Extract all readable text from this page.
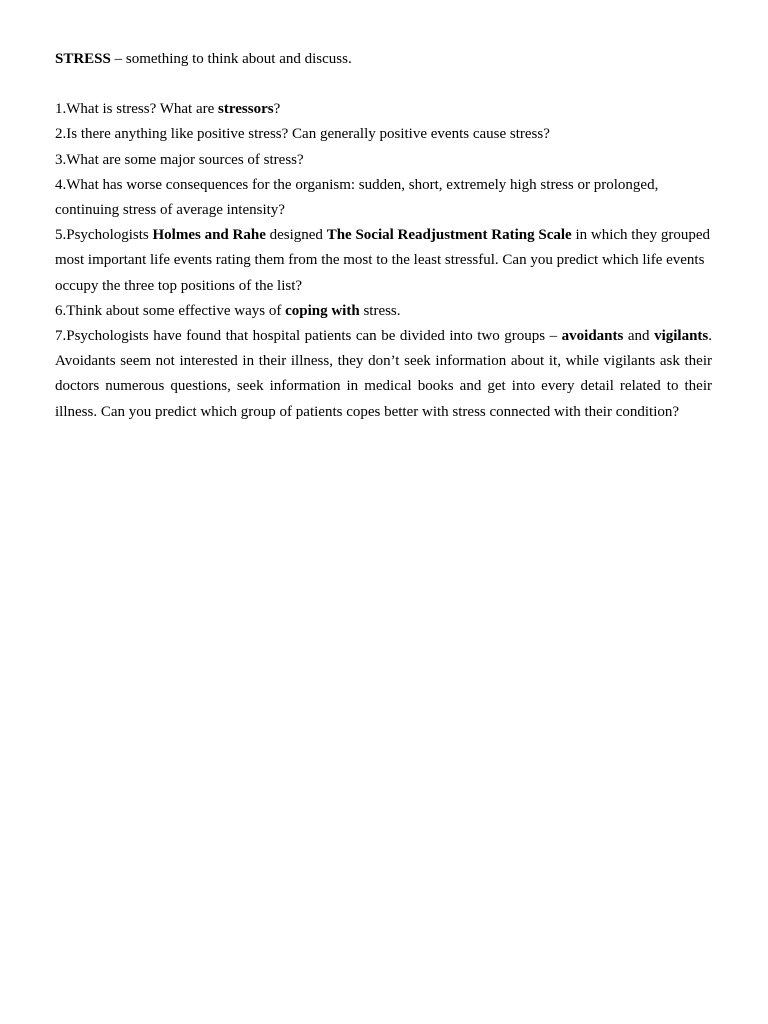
STRESS – something to think about and discuss.

1.What is stress? What are stressors?

2.Is there anything like positive stress? Can generally positive events cause stress?

3.What are some major sources of stress?

4.What has worse consequences for the organism: sudden, short, extremely high stress or prolonged, continuing stress of average intensity?

5.Psychologists Holmes and Rahe designed The Social Readjustment Rating Scale in which they grouped most important life events rating them from the most to the least stressful. Can you predict which life events occupy the three top positions of the list?

6.Think about some effective ways of coping with stress.

7.Psychologists have found that hospital patients can be divided into two groups – avoidants and vigilants. Avoidants seem not interested in their illness, they don’t seek information about it, while vigilants ask their doctors numerous questions, seek information in medical books and get into every detail related to their illness. Can you predict which group of patients copes better with stress connected with their condition?
